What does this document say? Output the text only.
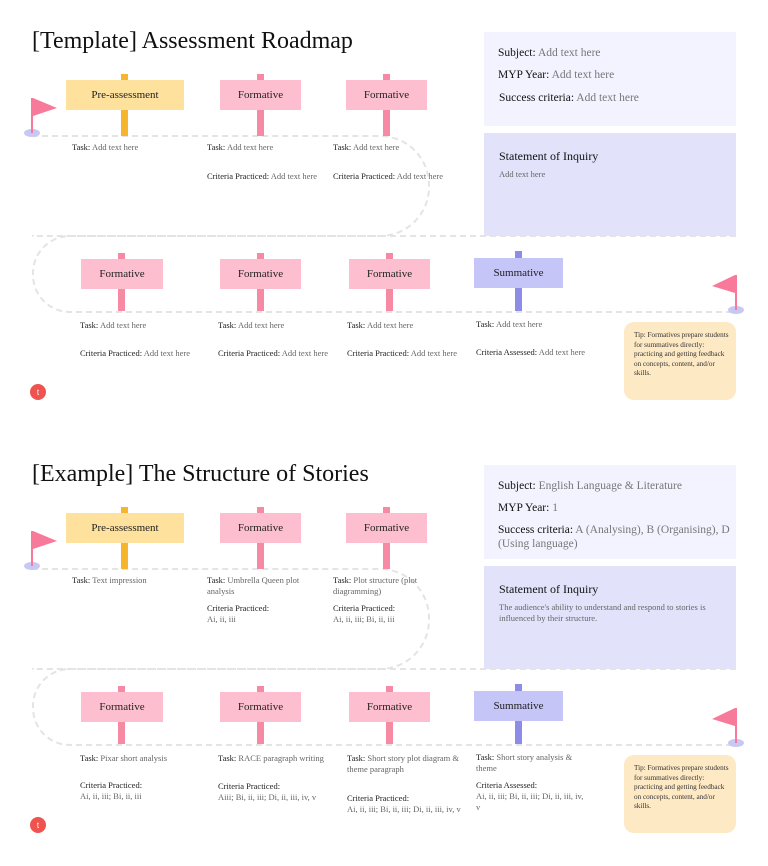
[Template] Assessment Roadmap	Subject: Add text here
MYP Year: Add text here
Success criteria: Add text here
Statement of Inquiry
Add text here
Pre-assessment	Formative	Formative
Task: Add text here	Task: Add text here
Criteria Practiced: Add text here
Task: Add text here
Criteria Practiced: Add text here
Formative	Formative	Formative	Summative
Task: Add text here
Criteria Practiced: Add text here
Task: Add text here
Criteria Practiced: Add text here
Task: Add text here
Criteria Practiced: Add text here
Task: Add text here
Criteria Assessed: Add text here
Tip: Formatives prepare students for summatives directly: practicing and getting feedback on concepts, content, and/or skills.
t
[Example] The Structure of Stories	Subject: English Language & Literature
MYP Year: 1
Success criteria: A (Analysing), B (Organising), D (Using language)
Statement of Inquiry
The audience's ability to understand and respond to stories is influenced by their structure.
Pre-assessment	Formative	Formative
Task: Text impression	Task: Umbrella Queen plot analysis
Criteria Practiced:
Ai, ii, iii
Task: Plot structure (plot diagramming)
Criteria Practiced:
Ai, ii, iii; Bi, ii, iii
Formative	Formative	Formative	Summative
Task: Pixar short analysis
Criteria Practiced:
Ai, ii, iii; Bi, ii, iii
Task: RACE paragraph writing
Criteria Practiced:
Aiii; Bi, ii, iii; Di, ii, iii, iv, v
Task: Short story plot diagram & theme paragraph
Criteria Practiced:
Ai, ii, iii; Bi, ii, iii; Di, ii, iii, iv, v
Task: Short story analysis & theme
Criteria Assessed:
Ai, ii, iii; Bi, ii, iii; Di, ii, iii, iv, v
Tip: Formatives prepare students for summatives directly: practicing and getting feedback on concepts, content, and/or skills.
t
